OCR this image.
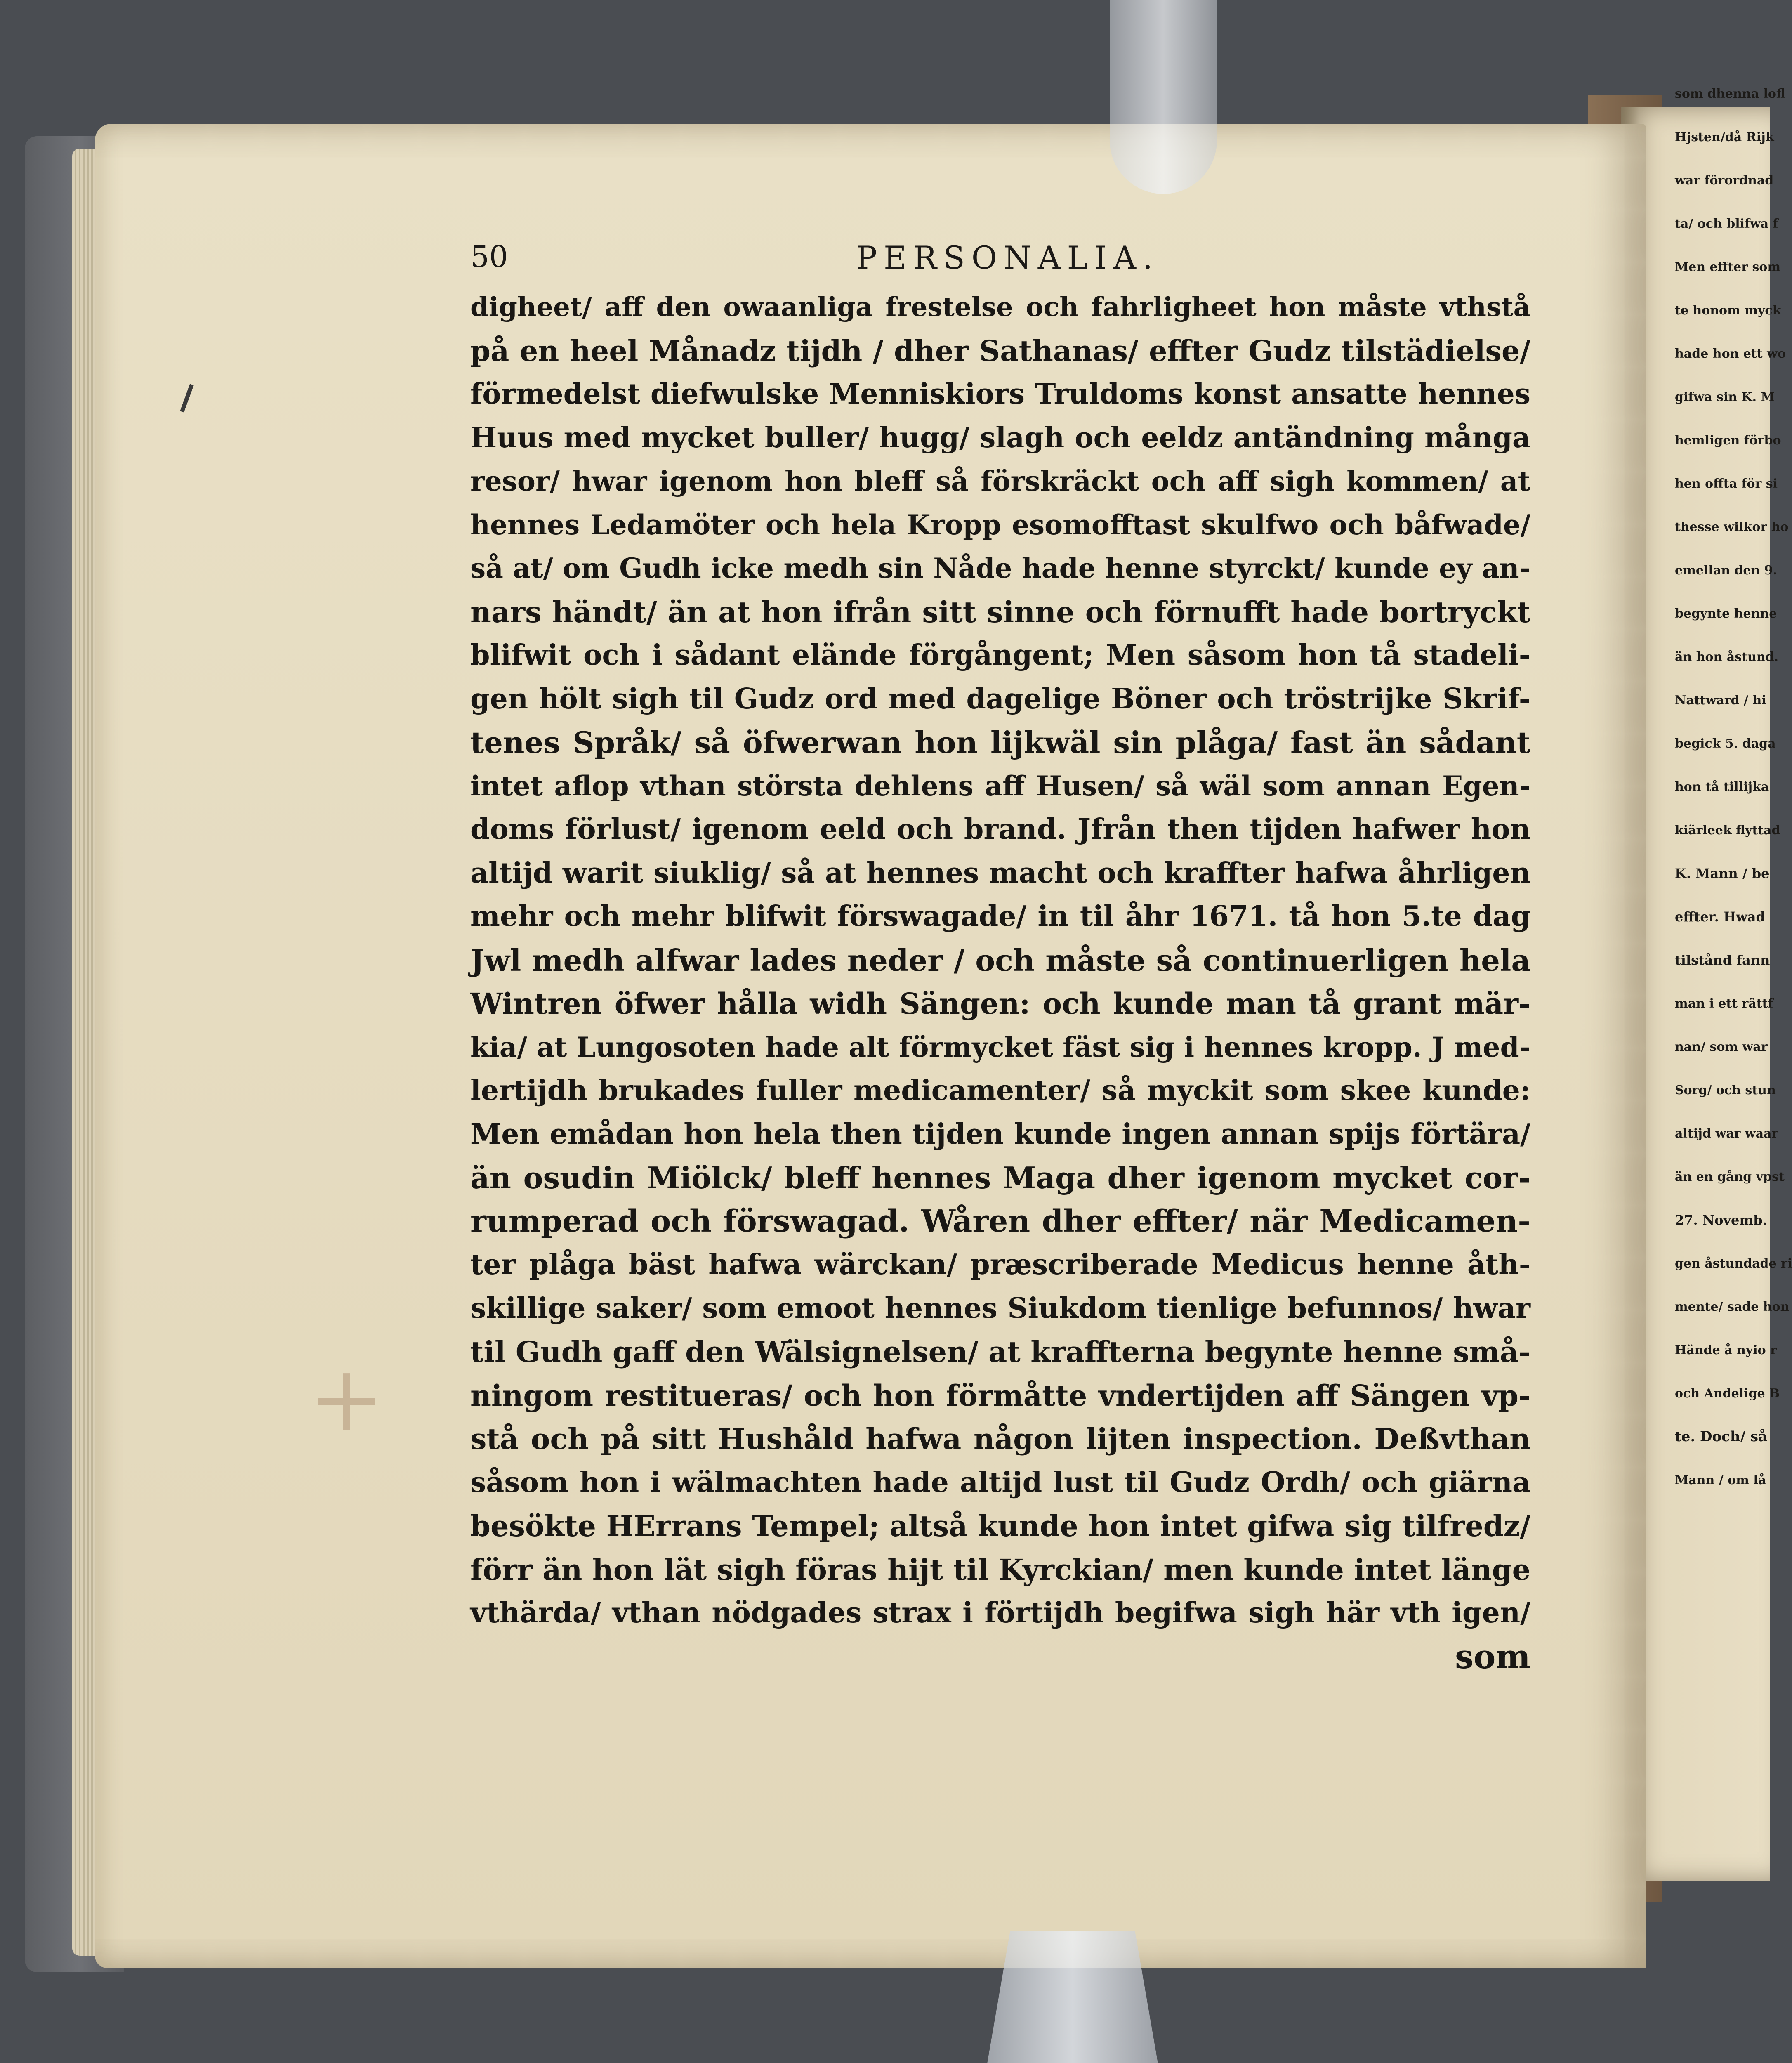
+
50	PERSONALIA.
digheet/ aff den owaanliga frestelse och fahrligheet hon måste vthstå
på en heel Månadz tijdh / dher Sathanas/ effter Gudz tilstädielse/
förmedelst diefwulske Menniskiors Truldoms konst ansatte hennes
Huus med mycket buller/ hugg/ slagh och eeldz antändning många
resor/ hwar igenom hon bleff så förskräckt och aff sigh kommen/ at
hennes Ledamöter och hela Kropp esomofftast skulfwo och båfwade/
så at/ om Gudh icke medh sin Nåde hade henne styrckt/ kunde ey an-
nars händt/ än at hon ifrån sitt sinne och förnufft hade bortryckt
blifwit och i sådant elände förgångent; Men såsom hon tå stadeli-
gen hölt sigh til Gudz ord med dagelige Böner och tröstrijke Skrif-
tenes Språk/ så öfwerwan hon lijkwäl sin plåga/ fast än sådant
intet aflop vthan största dehlens aff Husen/ så wäl som annan Egen-
doms förlust/ igenom eeld och brand. Jfrån then tijden hafwer hon
altijd warit siuklig/ så at hennes macht och kraffter hafwa åhrligen
mehr och mehr blifwit förswagade/ in til åhr 1671. tå hon 5.te dag
Jwl medh alfwar lades neder / och måste så continuerligen hela
Wintren öfwer hålla widh Sängen: och kunde man tå grant mär-
kia/ at Lungosoten hade alt förmycket fäst sig i hennes kropp. J med-
lertijdh brukades fuller medicamenter/ så myckit som skee kunde:
Men emådan hon hela then tijden kunde ingen annan spijs förtära/
än osudin Miölck/ bleff hennes Maga dher igenom mycket cor-
rumperad och förswagad. Wåren dher effter/ när Medicamen-
ter plåga bäst hafwa wärckan/ præscriberade Medicus henne åth-
skillige saker/ som emoot hennes Siukdom tienlige befunnos/ hwar
til Gudh gaff den Wälsignelsen/ at kraffterna begynte henne små-
ningom restitueras/ och hon förmåtte vndertijden aff Sängen vp-
stå och på sitt Hushåld hafwa någon lijten inspection. Deßvthan
såsom hon i wälmachten hade altijd lust til Gudz Ordh/ och giärna
besökte HErrans Tempel; altså kunde hon intet gifwa sig tilfredz/
förr än hon lät sigh föras hijt til Kyrckian/ men kunde intet länge
vthärda/ vthan nödgades strax i förtijdh begifwa sigh här vth igen/
som
som dhenna lofl
Hjsten/då Rijk
war förordnad
ta/ och blifwa f
Men effter som
te honom myck
hade hon ett wo
gifwa sin K. M
hemligen förbo
hen offta för si
thesse wilkor ho
emellan den 9.
begynte henne
än hon åstund.
Nattward / hi
begick 5. daga
hon tå tillijka
kiärleek flyttad
K. Mann / be
effter. Hwad
tilstånd fann
man i ett rättf
nan/ som war
Sorg/ och stun
altijd war waar
än en gång vpst
27. Novemb.
gen åstundade ri
mente/ sade hon
Hände å nyio r
och Andelige B
te. Doch/ så
Mann / om lå
